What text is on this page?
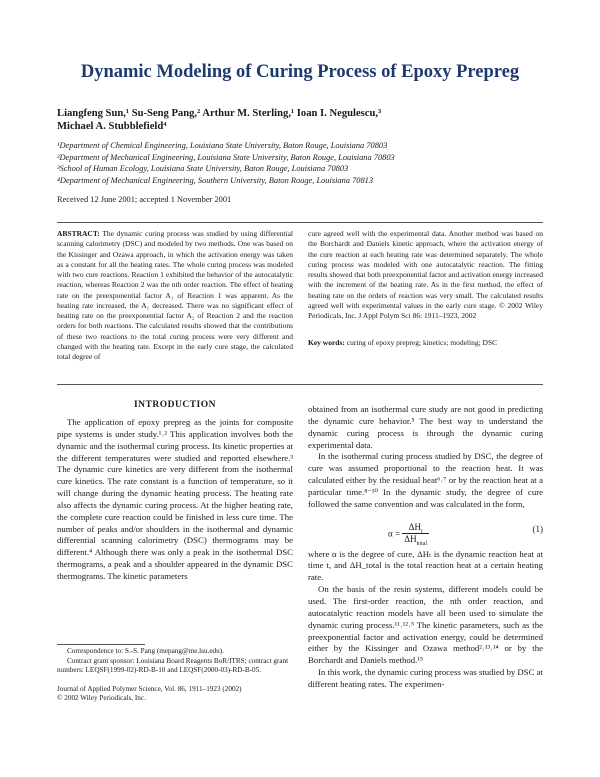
Dynamic Modeling of Curing Process of Epoxy Prepreg
Liangfeng Sun,¹ Su-Seng Pang,² Arthur M. Sterling,¹ Ioan I. Negulescu,³
Michael A. Stubblefield⁴
¹Department of Chemical Engineering, Louisiana State University, Baton Rouge, Louisiana 70803
²Department of Mechanical Engineering, Louisiana State University, Baton Rouge, Louisiana 70803
³School of Human Ecology, Louisiana State University, Baton Rouge, Louisiana 70803
⁴Department of Mechanical Engineering, Southern University, Baton Rouge, Louisiana 70813
Received 12 June 2001; accepted 1 November 2001

ABSTRACT: The dynamic curing process was studied by using differential scanning calorimetry (DSC) and modeled by two methods. One was based on the Kissinger and Ozawa approach, in which the activation energy was taken as a constant for all the heating rates. The whole curing process was modeled with two cure reactions. Reaction 1 exhibited the behavior of the autocatalytic reaction, whereas Reaction 2 was the nth order reaction. The effect of heating rate on the preexponential factor A₁ of Reaction 1 was apparent. As the heating rate increased, the A₁ decreased. There was no significant effect of heating rate on the preexponential factor A₂ of Reaction 2 and the reaction orders for both reactions. The calculated results showed that the contributions of these two reactions to the total curing process were very different and changed with the heating rate. Except in the early cure stage, the calculated total degree of

cure agreed well with the experimental data. Another method was based on the Borchardt and Daniels kinetic approach, where the activation energy of the cure reaction at each heating rate was determined separately. The whole curing process was modeled with one autocatalytic reaction. The fitting results showed that both preexponential factor and activation energy increased with the increment of the heating rate. As in the first method, the effect of heating rate on the orders of reaction was very small. The calculated results agreed well with experimental values in the early cure stage. © 2002 Wiley Periodicals, Inc. J Appl Polym Sci 86: 1911–1923, 2002

Key words: curing of epoxy prepreg; kinetics; modeling; DSC

INTRODUCTION

The application of epoxy prepreg as the joints for composite pipe systems is under study.¹˒² This application involves both the dynamic and the isothermal curing process. Its kinetic properties at the different temperatures were studied and reported elsewhere.³ The dynamic cure kinetics are very different from the isothermal cure kinetics. The rate constant is a function of temperature, so it will change during the dynamic heating process. The heating rate also affects the dynamic curing process. At the higher heating rate, the complete cure reaction could be finished in less cure time. The number of peaks and/or shoulders in the isothermal and dynamic differential scanning calorimetry (DSC) thermograms may be different.⁴ Although there was only a peak in the isothermal DSC thermograms, a peak and a shoulder appeared in the dynamic DSC thermograms. The kinetic parameters

Correspondence to: S.-S. Pang (mepang@me.lsu.edu).

Contract grant sponsor: Louisiana Board Reagents BoR/ITRS; contract grant numbers: LEQSF(1999-02)-RD-B-10 and LEQSF(2000-03)-RD-B-05.

Journal of Applied Polymer Science, Vol. 86, 1911–1923 (2002)

© 2002 Wiley Periodicals, Inc.

obtained from an isothermal cure study are not good in predicting the dynamic cure behavior.⁵ The best way to understand the dynamic curing process is through the dynamic curing experimental data.

In the isothermal curing process studied by DSC, the degree of cure was assumed proportional to the reaction heat. It was calculated either by the residual heat⁶˒⁷ or by the reaction heat at a particular time.⁸⁻¹⁰ In the dynamic study, the degree of cure followed the same convention and was calculated in the form,

$\alpha = \frac{\Delta H_t}{\Delta H_{total}}$	(1)

where α is the degree of cure, ΔHₜ is the dynamic reaction heat at time t, and ΔH_total is the total reaction heat at a certain heating rate.

On the basis of the resin systems, different models could be used. The first-order reaction, the nth order reaction, and autocatalytic reaction models have all been used to simulate the dynamic curing process.¹¹˒¹²˒⁵ The kinetic parameters, such as the preexponential factor and activation energy, could be determined either by the Kissinger and Ozawa method²˒¹³˒¹⁴ or by the Borchardt and Daniels method.¹⁵

In this work, the dynamic curing process was studied by DSC at different heating rates. The experimen-
